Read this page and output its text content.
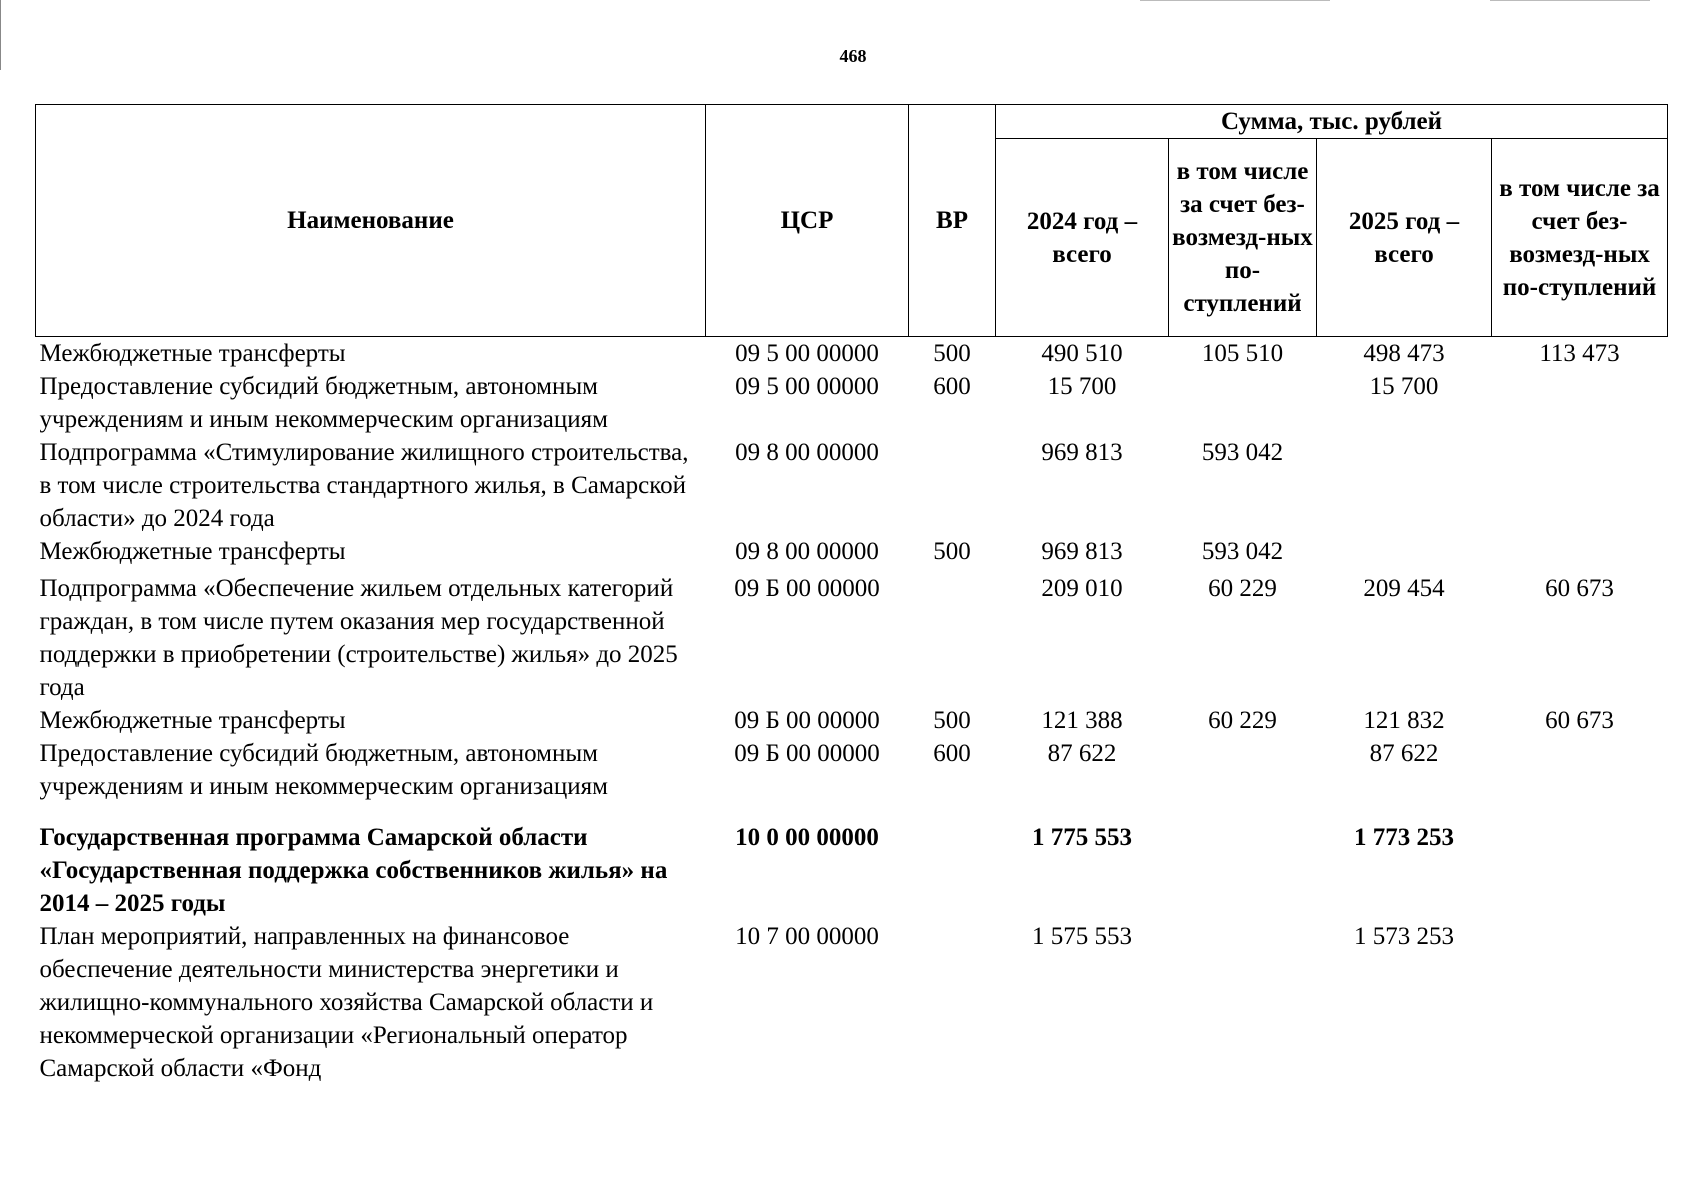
468
Наименование	ЦСР	ВР	Сумма, тыс. рублей			
			2024 год – всего	в том числе за счет без-возмезд-ных по-ступлений	2025 год – всего	в том числе за счет без-возмезд-ных по-ступлений
Межбюджетные трансферты	09 5 00 00000	500	490 510	105 510	498 473	113 473
Предоставление субсидий бюджетным, автономным учреждениям и иным некоммерческим организациям	09 5 00 00000	600	15 700		15 700	
Подпрограмма «Стимулирование жилищного строительства, в том числе строительства стандартного жилья, в Самарской области» до 2024 года	09 8 00 00000		969 813	593 042		
Межбюджетные трансферты	09 8 00 00000	500	969 813	593 042		
Подпрограмма «Обеспечение жильем отдельных категорий граждан, в том числе путем оказания мер государственной поддержки в приобретении (строительстве) жилья» до 2025 года	09 Б 00 00000		209 010	60 229	209 454	60 673
Межбюджетные трансферты	09 Б 00 00000	500	121 388	60 229	121 832	60 673
Предоставление субсидий бюджетным, автономным учреждениям и иным некоммерческим организациям	09 Б 00 00000	600	87 622		87 622	
Государственная программа Самарской области «Государственная поддержка собственников жилья» на 2014 – 2025 годы	10 0 00 00000		1 775 553		1 773 253	
План мероприятий, направленных на финансовое обеспечение деятельности министерства энергетики и жилищно-коммунального хозяйства Самарской области и некоммерческой организации «Региональный оператор Самарской области «Фонд	10 7 00 00000		1 575 553		1 573 253	
